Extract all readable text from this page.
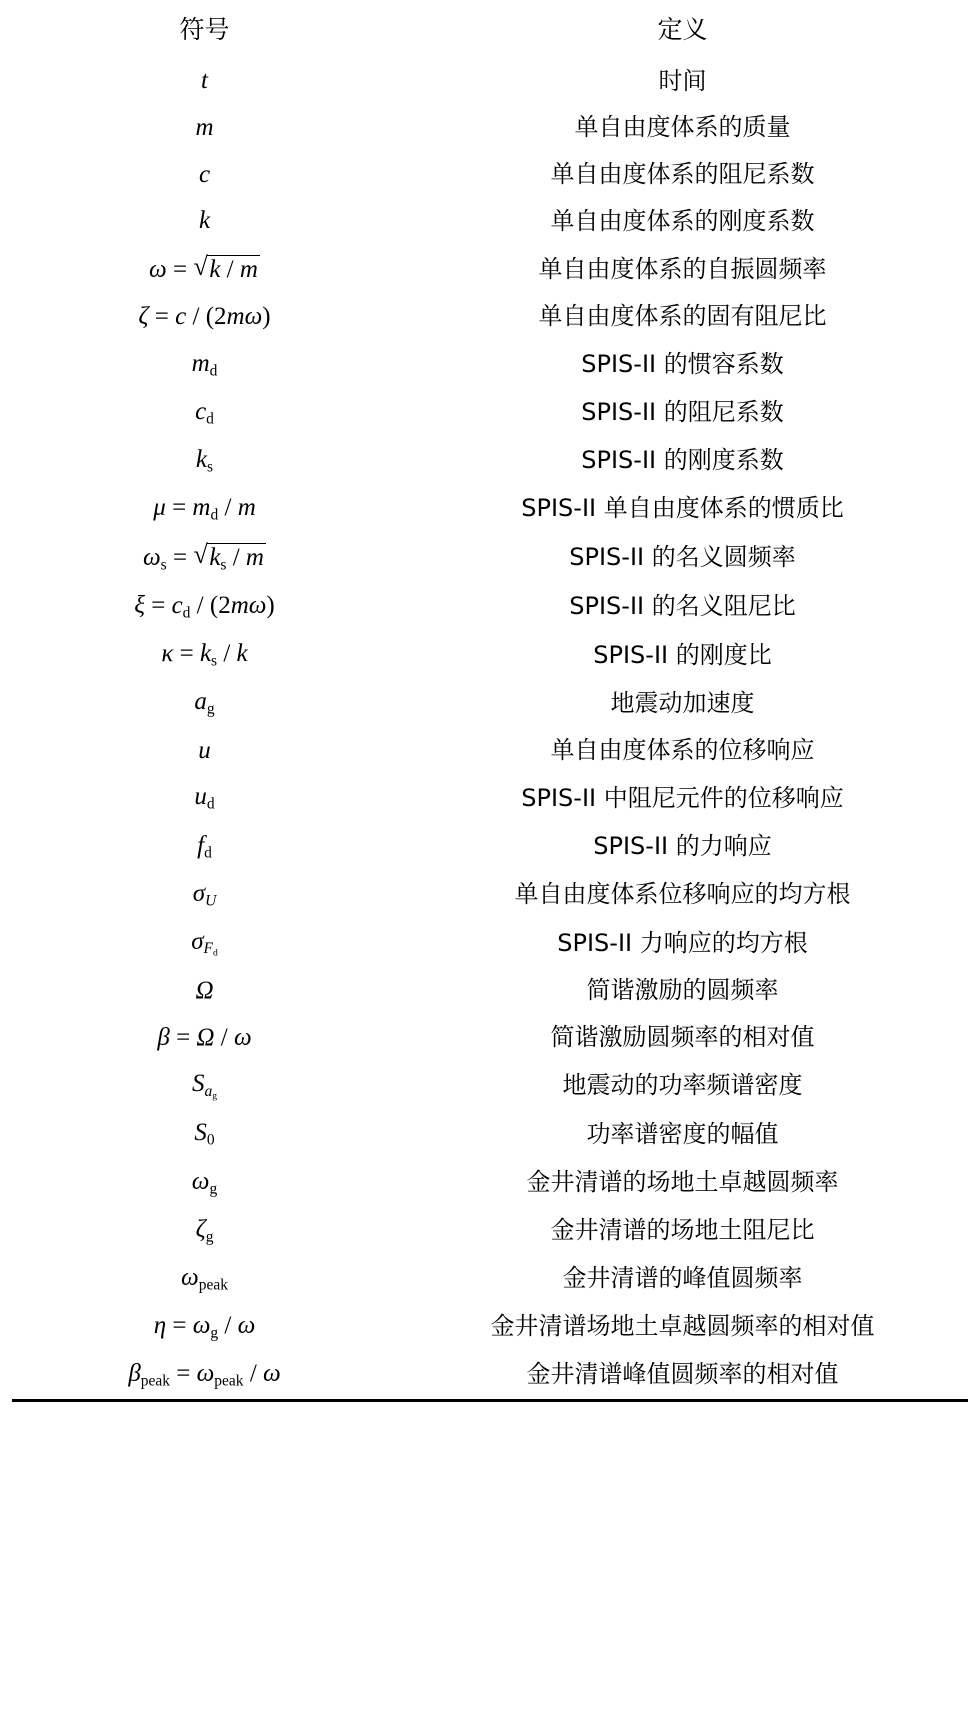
符号	定义
t	时间
m	单自由度体系的质量
c	单自由度体系的阻尼系数
k	单自由度体系的刚度系数
ω = √ k / m	单自由度体系的自振圆频率
ζ = c / (2mω)	单自由度体系的固有阻尼比
$m_d$	SPIS-II 的惯容系数
$c_d$	SPIS-II 的阻尼系数
$k_s$	SPIS-II 的刚度系数
$\mu = m_d / m$	SPIS-II 单自由度体系的惯质比
$\omega_s$ = √ $k_s$ / m	SPIS-II 的名义圆频率
$\xi = c_d / (2m\omega)$	SPIS-II 的名义阻尼比
$\kappa = k_s / k$	SPIS-II 的刚度比
$a_g$	地震动加速度
u	单自由度体系的位移响应
$u_d$	SPIS-II 中阻尼元件的位移响应
$f_d$	SPIS-II 的力响应
$\sigma_U$	单自由度体系位移响应的均方根
$\sigma_{F_d}$	SPIS-II 力响应的均方根
Ω	简谐激励的圆频率
β = Ω / ω	简谐激励圆频率的相对值
$S_{a_g}$	地震动的功率频谱密度
$S_0$	功率谱密度的幅值
$\omega_g$	金井清谱的场地土卓越圆频率
$\zeta_g$	金井清谱的场地土阻尼比
$\omega_{peak}$	金井清谱的峰值圆频率
$\eta = \omega_g / \omega$	金井清谱场地土卓越圆频率的相对值
$\beta_{peak} = \omega_{peak} / \omega$	金井清谱峰值圆频率的相对值
